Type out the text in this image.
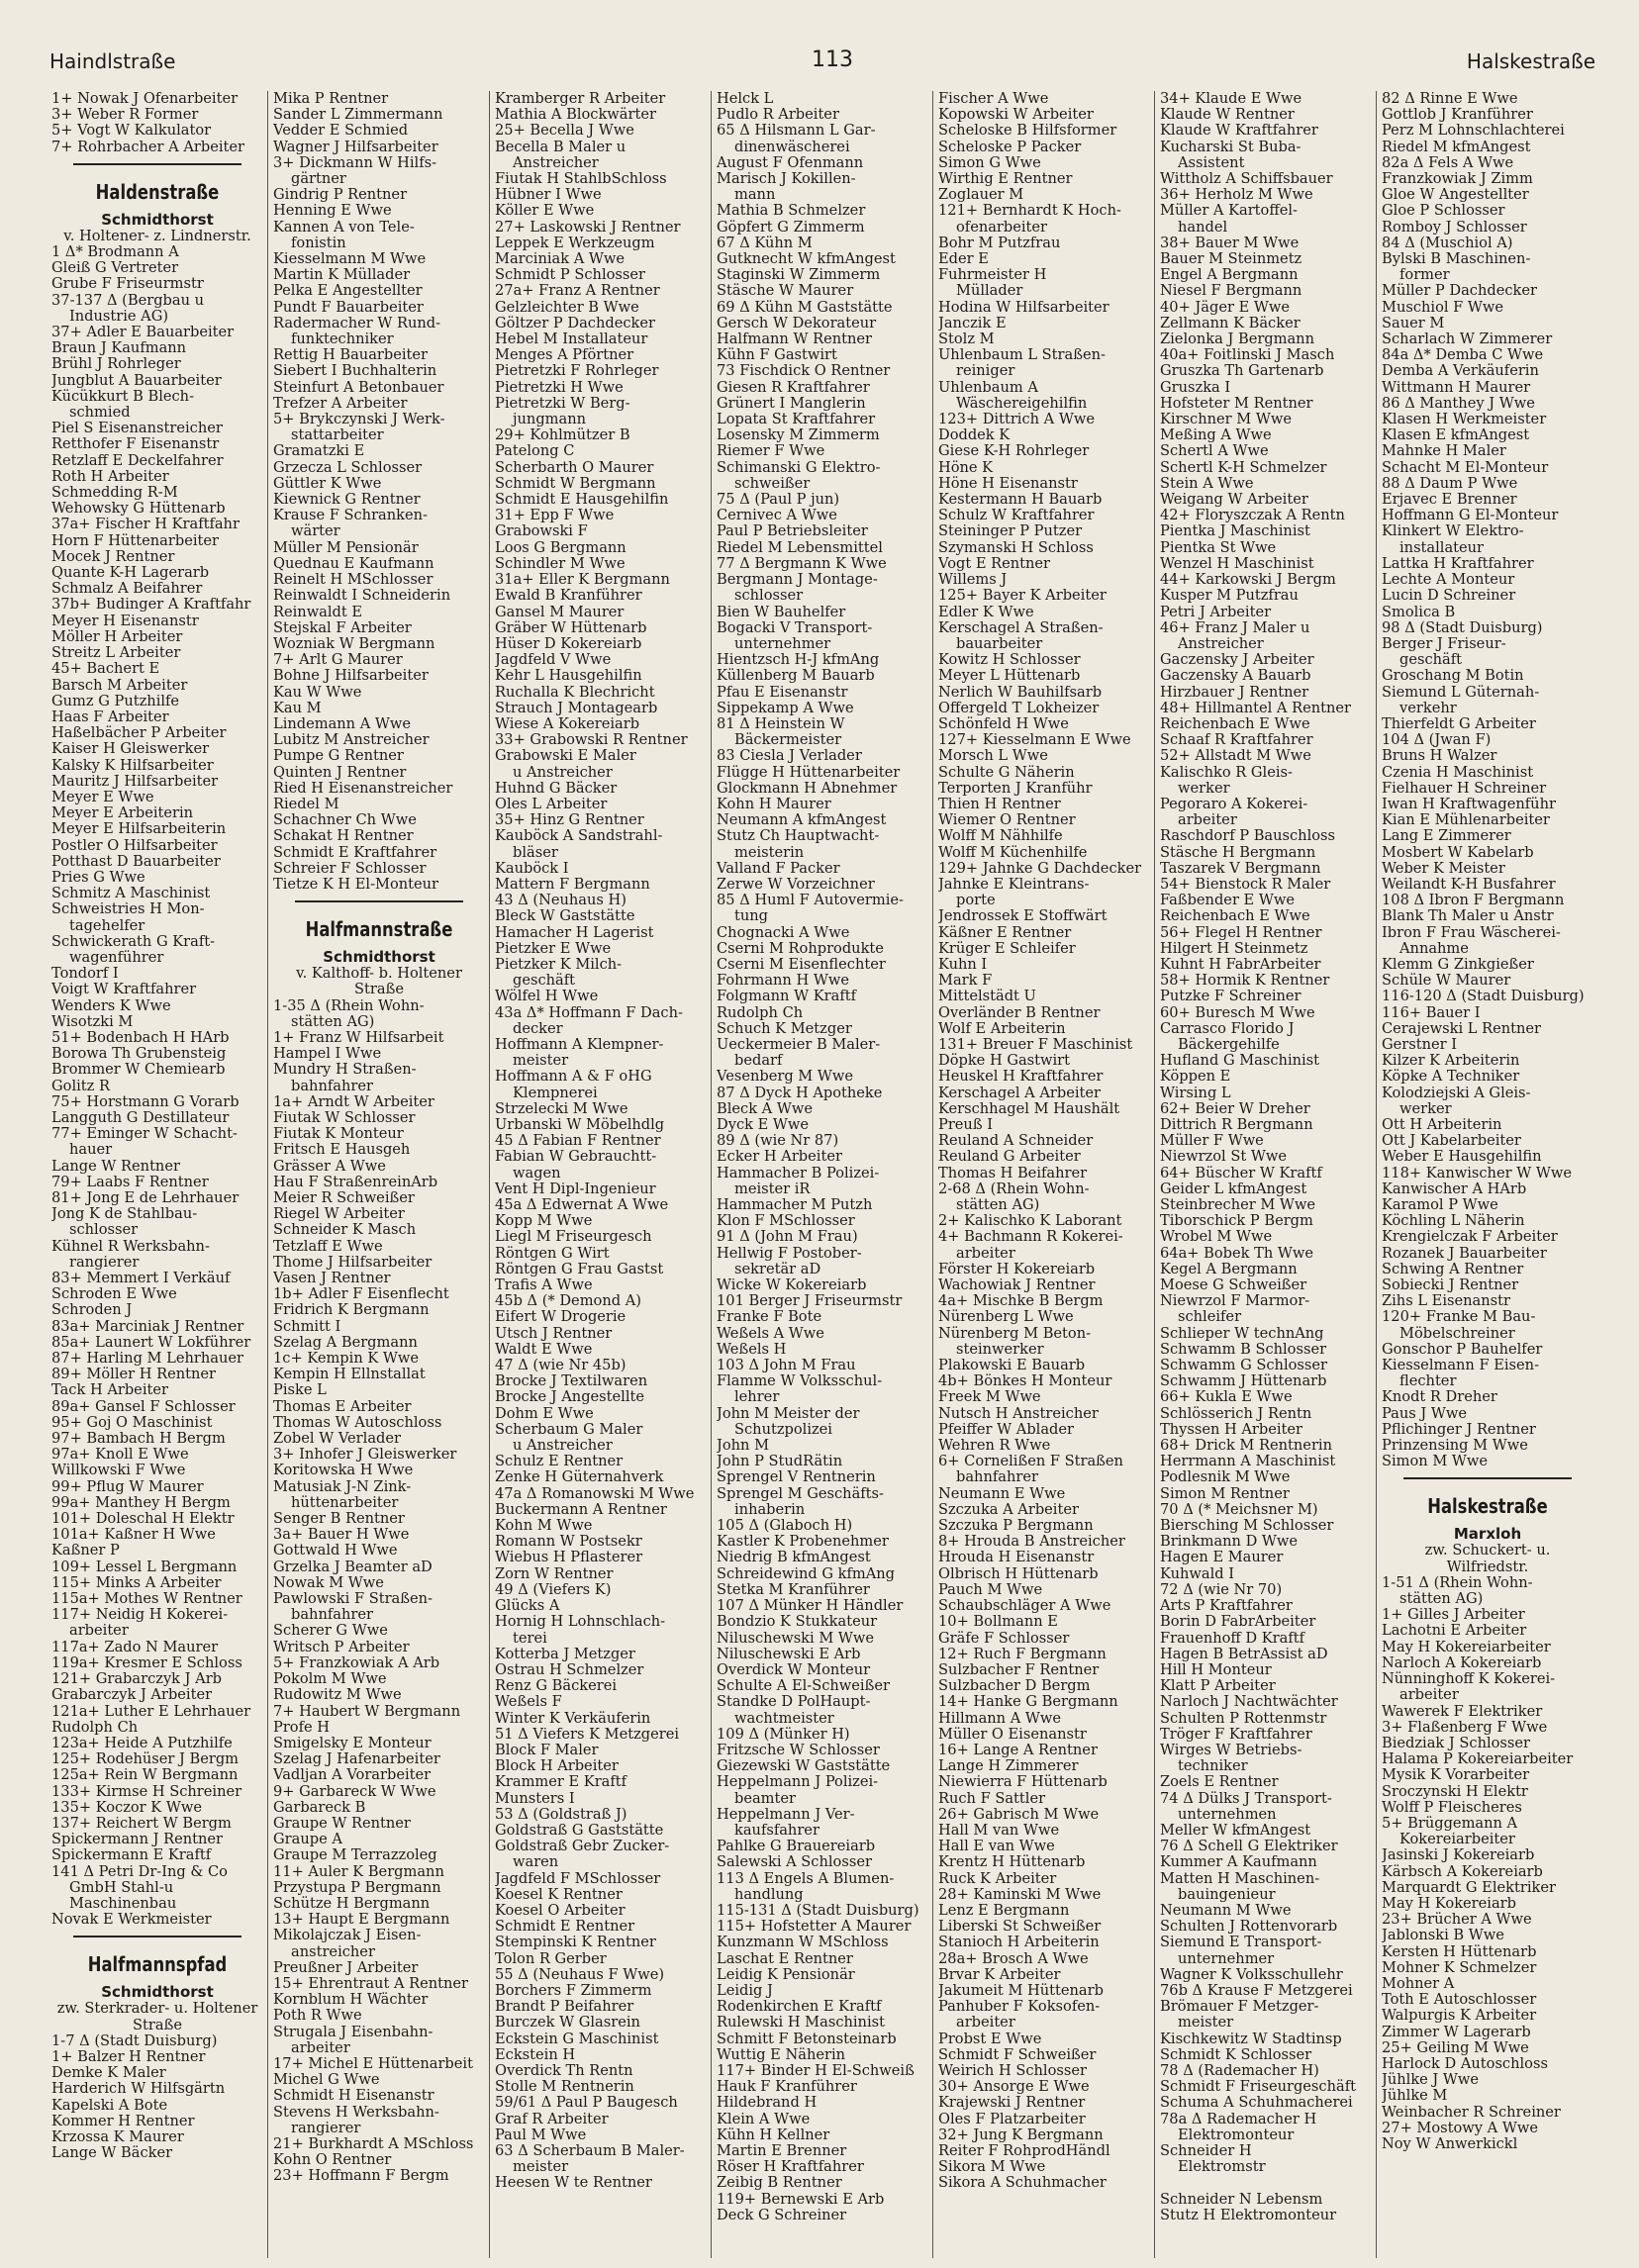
Haindlstraße	113	Halskestraße
1+ Nowak J Ofenarbeiter
3+ Weber R Former
5+ Vogt W Kalkulator
7+ Rohrbacher A Arbeiter
Haldenstraße
Schmidthorst
v. Holtener- z. Lindnerstr.
1 Δ* Brodmann A
Gleiß G Vertreter
Grube F Friseurmstr
37-137 Δ (Bergbau u
Industrie AG)
37+ Adler E Bauarbeiter
Braun J Kaufmann
Brühl J Rohrleger
Jungblut A Bauarbeiter
Kücükkurt B Blech-
schmied
Piel S Eisenanstreicher
Retthofer F Eisenanstr
Retzlaff E Deckelfahrer
Roth H Arbeiter
Schmedding R-M
Wehowsky G Hüttenarb
37a+ Fischer H Kraftfahr
Horn F Hüttenarbeiter
Mocek J Rentner
Quante K-H Lagerarb
Schmalz A Beifahrer
37b+ Budinger A Kraftfahr
Meyer H Eisenanstr
Möller H Arbeiter
Streitz L Arbeiter
45+ Bachert E
Barsch M Arbeiter
Gumz G Putzhilfe
Haas F Arbeiter
Haßelbächer P Arbeiter
Kaiser H Gleiswerker
Kalsky K Hilfsarbeiter
Mauritz J Hilfsarbeiter
Meyer E Wwe
Meyer E Arbeiterin
Meyer E Hilfsarbeiterin
Postler O Hilfsarbeiter
Potthast D Bauarbeiter
Pries G Wwe
Schmitz A Maschinist
Schweistries H Mon-
tagehelfer
Schwickerath G Kraft-
wagenführer
Tondorf I
Voigt W Kraftfahrer
Wenders K Wwe
Wisotzki M
51+ Bodenbach H HArb
Borowa Th Grubensteig
Brommer W Chemiearb
Golitz R
75+ Horstmann G Vorarb
Langguth G Destillateur
77+ Eminger W Schacht-
hauer
Lange W Rentner
79+ Laabs F Rentner
81+ Jong E de Lehrhauer
Jong K de Stahlbau-
schlosser
Kühnel R Werksbahn-
rangierer
83+ Memmert I Verkäuf
Schroden E Wwe
Schroden J
83a+ Marciniak J Rentner
85a+ Launert W Lokführer
87+ Harling M Lehrhauer
89+ Möller H Rentner
Tack H Arbeiter
89a+ Gansel F Schlosser
95+ Goj O Maschinist
97+ Bambach H Bergm
97a+ Knoll E Wwe
Willkowski F Wwe
99+ Pflug W Maurer
99a+ Manthey H Bergm
101+ Doleschal H Elektr
101a+ Kaßner H Wwe
Kaßner P
109+ Lessel L Bergmann
115+ Minks A Arbeiter
115a+ Mothes W Rentner
117+ Neidig H Kokerei-
arbeiter
117a+ Zado N Maurer
119a+ Kresmer E Schloss
121+ Grabarczyk J Arb
Grabarczyk J Arbeiter
121a+ Luther E Lehrhauer
Rudolph Ch
123a+ Heide A Putzhilfe
125+ Rodehüser J Bergm
125a+ Rein W Bergmann
133+ Kirmse H Schreiner
135+ Koczor K Wwe
137+ Reichert W Bergm
Spickermann J Rentner
Spickermann E Kraftf
141 Δ Petri Dr-Ing & Co
GmbH Stahl-u
Maschinenbau
Novak E Werkmeister
Halfmannspfad
Schmidthorst
zw. Sterkrader- u. Holtener
Straße
1-7 Δ (Stadt Duisburg)
1+ Balzer H Rentner
Demke K Maler
Harderich W Hilfsgärtn
Kapelski A Bote
Kommer H Rentner
Krzossa K Maurer
Lange W Bäcker
Mika P Rentner
Sander L Zimmermann
Vedder E Schmied
Wagner J Hilfsarbeiter
3+ Dickmann W Hilfs-
gärtner
Gindrig P Rentner
Henning E Wwe
Kannen A von Tele-
fonistin
Kiesselmann M Wwe
Martin K Müllader
Pelka E Angestellter
Pundt F Bauarbeiter
Radermacher W Rund-
funktechniker
Rettig H Bauarbeiter
Siebert I Buchhalterin
Steinfurt A Betonbauer
Trefzer A Arbeiter
5+ Brykczynski J Werk-
stattarbeiter
Gramatzki E
Grzecza L Schlosser
Güttler K Wwe
Kiewnick G Rentner
Krause F Schranken-
wärter
Müller M Pensionär
Quednau E Kaufmann
Reinelt H MSchlosser
Reinwaldt I Schneiderin
Reinwaldt E
Stejskal F Arbeiter
Wozniak W Bergmann
7+ Arlt G Maurer
Bohne J Hilfsarbeiter
Kau W Wwe
Kau M
Lindemann A Wwe
Lubitz M Anstreicher
Pumpe G Rentner
Quinten J Rentner
Ried H Eisenanstreicher
Riedel M
Schachner Ch Wwe
Schakat H Rentner
Schmidt E Kraftfahrer
Schreier F Schlosser
Tietze K H El-Monteur
Halfmannstraße
Schmidthorst
v. Kalthoff- b. Holtener
Straße
1-35 Δ (Rhein Wohn-
stätten AG)
1+ Franz W Hilfsarbeit
Hampel I Wwe
Mundry H Straßen-
bahnfahrer
1a+ Arndt W Arbeiter
Fiutak W Schlosser
Fiutak K Monteur
Fritsch E Hausgeh
Grässer A Wwe
Hau F StraßenreinArb
Meier R Schweißer
Riegel W Arbeiter
Schneider K Masch
Tetzlaff E Wwe
Thome J Hilfsarbeiter
Vasen J Rentner
1b+ Adler F Eisenflecht
Fridrich K Bergmann
Schmitt I
Szelag A Bergmann
1c+ Kempin K Wwe
Kempin H Ellnstallat
Piske L
Thomas E Arbeiter
Thomas W Autoschloss
Zobel W Verlader
3+ Inhofer J Gleiswerker
Koritowska H Wwe
Matusiak J-N Zink-
hüttenarbeiter
Senger B Rentner
3a+ Bauer H Wwe
Gottwald H Wwe
Grzelka J Beamter aD
Nowak M Wwe
Pawlowski F Straßen-
bahnfahrer
Scherer G Wwe
Writsch P Arbeiter
5+ Franzkowiak A Arb
Pokolm M Wwe
Rudowitz M Wwe
7+ Haubert W Bergmann
Profe H
Smigelsky E Monteur
Szelag J Hafenarbeiter
Vadljan A Vorarbeiter
9+ Garbareck W Wwe
Garbareck B
Graupe W Rentner
Graupe A
Graupe M Terrazzoleg
11+ Auler K Bergmann
Przystupa P Bergmann
Schütze H Bergmann
13+ Haupt E Bergmann
Mikolajczak J Eisen-
anstreicher
Preußner J Arbeiter
15+ Ehrentraut A Rentner
Kornblum H Wächter
Poth R Wwe
Strugala J Eisenbahn-
arbeiter
17+ Michel E Hüttenarbeit
Michel G Wwe
Schmidt H Eisenanstr
Stevens H Werksbahn-
rangierer
21+ Burkhardt A MSchloss
Kohn O Rentner
23+ Hoffmann F Bergm
Kramberger R Arbeiter
Mathia A Blockwärter
25+ Becella J Wwe
Becella B Maler u
Anstreicher
Fiutak H StahlbSchloss
Hübner I Wwe
Köller E Wwe
27+ Laskowski J Rentner
Leppek E Werkzeugm
Marciniak A Wwe
Schmidt P Schlosser
27a+ Franz A Rentner
Gelzleichter B Wwe
Göltzer P Dachdecker
Hebel M Installateur
Menges A Pförtner
Pietretzki F Rohrleger
Pietretzki H Wwe
Pietretzki W Berg-
jungmann
29+ Kohlmützer B
Patelong C
Scherbarth O Maurer
Schmidt W Bergmann
Schmidt E Hausgehilfin
31+ Epp F Wwe
Grabowski F
Loos G Bergmann
Schindler M Wwe
31a+ Eller K Bergmann
Ewald B Kranführer
Gansel M Maurer
Gräber W Hüttenarb
Hüser D Kokereiarb
Jagdfeld V Wwe
Kehr L Hausgehilfin
Ruchalla K Blechricht
Strauch J Montagearb
Wiese A Kokereiarb
33+ Grabowski R Rentner
Grabowski E Maler
u Anstreicher
Huhnd G Bäcker
Oles L Arbeiter
35+ Hinz G Rentner
Kauböck A Sandstrahl-
bläser
Kauböck I
Mattern F Bergmann
43 Δ (Neuhaus H)
Bleck W Gaststätte
Hamacher H Lagerist
Pietzker E Wwe
Pietzker K Milch-
geschäft
Wölfel H Wwe
43a Δ* Hoffmann F Dach-
decker
Hoffmann A Klempner-
meister
Hoffmann A & F oHG
Klempnerei
Strzelecki M Wwe
Urbanski W Möbelhdlg
45 Δ Fabian F Rentner
Fabian W Gebrauchtt-
wagen
Vent H Dipl-Ingenieur
45a Δ Edwernat A Wwe
Kopp M Wwe
Liegl M Friseurgesch
Röntgen G Wirt
Röntgen G Frau Gastst
Trafis A Wwe
45b Δ (* Demond A)
Eifert W Drogerie
Utsch J Rentner
Waldt E Wwe
47 Δ (wie Nr 45b)
Brocke J Textilwaren
Brocke J Angestellte
Dohm E Wwe
Scherbaum G Maler
u Anstreicher
Schulz E Rentner
Zenke H Güternahverk
47a Δ Romanowski M Wwe
Buckermann A Rentner
Kohn M Wwe
Romann W Postsekr
Wiebus H Pflasterer
Zorn W Rentner
49 Δ (Viefers K)
Glücks A
Hornig H Lohnschlach-
terei
Kotterba J Metzger
Ostrau H Schmelzer
Renz G Bäckerei
Weßels F
Winter K Verkäuferin
51 Δ Viefers K Metzgerei
Block F Maler
Block H Arbeiter
Krammer E Kraftf
Munsters I
53 Δ (Goldstraß J)
Goldstraß G Gaststätte
Goldstraß Gebr Zucker-
waren
Jagdfeld F MSchlosser
Koesel K Rentner
Koesel O Arbeiter
Schmidt E Rentner
Stempinski K Rentner
Tolon R Gerber
55 Δ (Neuhaus F Wwe)
Borchers F Zimmerm
Brandt P Beifahrer
Burczek W Glasrein
Eckstein G Maschinist
Eckstein H
Overdick Th Rentn
Stolle M Rentnerin
59/61 Δ Paul P Baugesch
Graf R Arbeiter
Paul M Wwe
63 Δ Scherbaum B Maler-
meister
Heesen W te Rentner
Helck L
Pudlo R Arbeiter
65 Δ Hilsmann L Gar-
dinenwäscherei
August F Ofenmann
Marisch J Kokillen-
mann
Mathia B Schmelzer
Göpfert G Zimmerm
67 Δ Kühn M
Gutknecht W kfmAngest
Staginski W Zimmerm
Stäsche W Maurer
69 Δ Kühn M Gaststätte
Gersch W Dekorateur
Halfmann W Rentner
Kühn F Gastwirt
73 Fischdick O Rentner
Giesen R Kraftfahrer
Grünert I Manglerin
Lopata St Kraftfahrer
Losensky M Zimmerm
Riemer F Wwe
Schimanski G Elektro-
schweißer
75 Δ (Paul P jun)
Cernivec A Wwe
Paul P Betriebsleiter
Riedel M Lebensmittel
77 Δ Bergmann K Wwe
Bergmann J Montage-
schlosser
Bien W Bauhelfer
Bogacki V Transport-
unternehmer
Hientzsch H-J kfmAng
Küllenberg M Bauarb
Pfau E Eisenanstr
Sippekamp A Wwe
81 Δ Heinstein W
Bäckermeister
83 Ciesla J Verlader
Flügge H Hüttenarbeiter
Glockmann H Abnehmer
Kohn H Maurer
Neumann A kfmAngest
Stutz Ch Hauptwacht-
meisterin
Valland F Packer
Zerwe W Vorzeichner
85 Δ Huml F Autovermie-
tung
Chognacki A Wwe
Cserni M Rohprodukte
Cserni M Eisenflechter
Fohrmann H Wwe
Folgmann W Kraftf
Rudolph Ch
Schuch K Metzger
Ueckermeier B Maler-
bedarf
Vesenberg M Wwe
87 Δ Dyck H Apotheke
Bleck A Wwe
Dyck E Wwe
89 Δ (wie Nr 87)
Ecker H Arbeiter
Hammacher B Polizei-
meister iR
Hammacher M Putzh
Klon F MSchlosser
91 Δ (John M Frau)
Hellwig F Postober-
sekretär aD
Wicke W Kokereiarb
101 Berger J Friseurmstr
Franke F Bote
Weßels A Wwe
Weßels H
103 Δ John M Frau
Flamme W Volksschul-
lehrer
John M Meister der
Schutzpolizei
John M
John P StudRätin
Sprengel V Rentnerin
Sprengel M Geschäfts-
inhaberin
105 Δ (Glaboch H)
Kastler K Probenehmer
Niedrig B kfmAngest
Schreidewind G kfmAng
Stetka M Kranführer
107 Δ Münker H Händler
Bondzio K Stukkateur
Niluschewski M Wwe
Niluschewski E Arb
Overdick W Monteur
Schulte A El-Schweißer
Standke D PolHaupt-
wachtmeister
109 Δ (Münker H)
Fritzsche W Schlosser
Giezewski W Gaststätte
Heppelmann J Polizei-
beamter
Heppelmann J Ver-
kaufsfahrer
Pahlke G Brauereiarb
Salewski A Schlosser
113 Δ Engels A Blumen-
handlung
115-131 Δ (Stadt Duisburg)
115+ Hofstetter A Maurer
Kunzmann W MSchloss
Laschat E Rentner
Leidig K Pensionär
Leidig J
Rodenkirchen E Kraftf
Rulewski H Maschinist
Schmitt F Betonsteinarb
Wuttig E Näherin
117+ Binder H El-Schweiß
Hauk F Kranführer
Hildebrand H
Klein A Wwe
Kühn H Kellner
Martin E Brenner
Röser H Kraftfahrer
Zeibig B Rentner
119+ Bernewski E Arb
Deck G Schreiner
Fischer A Wwe
Kopowski W Arbeiter
Scheloske B Hilfsformer
Scheloske P Packer
Simon G Wwe
Wirthig E Rentner
Zoglauer M
121+ Bernhardt K Hoch-
ofenarbeiter
Bohr M Putzfrau
Eder E
Fuhrmeister H
Müllader
Hodina W Hilfsarbeiter
Janczik E
Stolz M
Uhlenbaum L Straßen-
reiniger
Uhlenbaum A
Wäschereigehilfin
123+ Dittrich A Wwe
Doddek K
Giese K-H Rohrleger
Höne K
Höne H Eisenanstr
Kestermann H Bauarb
Schulz W Kraftfahrer
Steininger P Putzer
Szymanski H Schloss
Vogt E Rentner
Willems J
125+ Bayer K Arbeiter
Edler K Wwe
Kerschagel A Straßen-
bauarbeiter
Kowitz H Schlosser
Meyer L Hüttenarb
Nerlich W Bauhilfsarb
Offergeld T Lokheizer
Schönfeld H Wwe
127+ Kiesselmann E Wwe
Morsch L Wwe
Schulte G Näherin
Terporten J Kranführ
Thien H Rentner
Wiemer O Rentner
Wolff M Nähhilfe
Wolff M Küchenhilfe
129+ Jahnke G Dachdecker
Jahnke E Kleintrans-
porte
Jendrossek E Stoffwärt
Käßner E Rentner
Krüger E Schleifer
Kuhn I
Mark F
Mittelstädt U
Overländer B Rentner
Wolf E Arbeiterin
131+ Breuer F Maschinist
Döpke H Gastwirt
Heuskel H Kraftfahrer
Kerschagel A Arbeiter
Kerschhagel M Haushält
Preuß I
Reuland A Schneider
Reuland G Arbeiter
Thomas H Beifahrer
2-68 Δ (Rhein Wohn-
stätten AG)
2+ Kalischko K Laborant
4+ Bachmann R Kokerei-
arbeiter
Förster H Kokereiarb
Wachowiak J Rentner
4a+ Mischke B Bergm
Nürenberg L Wwe
Nürenberg M Beton-
steinwerker
Plakowski E Bauarb
4b+ Bönkes H Monteur
Freek M Wwe
Nutsch H Anstreicher
Pfeiffer W Ablader
Wehren R Wwe
6+ Cornelißen F Straßen
bahnfahrer
Neumann E Wwe
Szczuka A Arbeiter
Szczuka P Bergmann
8+ Hrouda B Anstreicher
Hrouda H Eisenanstr
Olbrisch H Hüttenarb
Pauch M Wwe
Schaubschläger A Wwe
10+ Bollmann E
Gräfe F Schlosser
12+ Ruch F Bergmann
Sulzbacher F Rentner
Sulzbacher D Bergm
14+ Hanke G Bergmann
Hillmann A Wwe
Müller O Eisenanstr
16+ Lange A Rentner
Lange H Zimmerer
Niewierra F Hüttenarb
Ruch F Sattler
26+ Gabrisch M Wwe
Hall M van Wwe
Hall E van Wwe
Krentz H Hüttenarb
Ruck K Arbeiter
28+ Kaminski M Wwe
Lenz E Bergmann
Liberski St Schweißer
Stanioch H Arbeiterin
28a+ Brosch A Wwe
Brvar K Arbeiter
Jakumeit M Hüttenarb
Panhuber F Koksofen-
arbeiter
Probst E Wwe
Schmidt F Schweißer
Weirich H Schlosser
30+ Ansorge E Wwe
Krajewski J Rentner
Oles F Platzarbeiter
32+ Jung K Bergmann
Reiter F RohprodHändl
Sikora M Wwe
Sikora A Schuhmacher
34+ Klaude E Wwe
Klaude W Rentner
Klaude W Kraftfahrer
Kucharski St Buba-
Assistent
Wittholz A Schiffsbauer
36+ Herholz M Wwe
Müller A Kartoffel-
handel
38+ Bauer M Wwe
Bauer M Steinmetz
Engel A Bergmann
Niesel F Bergmann
40+ Jäger E Wwe
Zellmann K Bäcker
Zielonka J Bergmann
40a+ Foitlinski J Masch
Gruszka Th Gartenarb
Gruszka I
Hofsteter M Rentner
Kirschner M Wwe
Meßing A Wwe
Schertl A Wwe
Schertl K-H Schmelzer
Stein A Wwe
Weigang W Arbeiter
42+ Floryszczak A Rentn
Pientka J Maschinist
Pientka St Wwe
Wenzel H Maschinist
44+ Karkowski J Bergm
Kusper M Putzfrau
Petri J Arbeiter
46+ Franz J Maler u
Anstreicher
Gaczensky J Arbeiter
Gaczensky A Bauarb
Hirzbauer J Rentner
48+ Hillmantel A Rentner
Reichenbach E Wwe
Schaaf R Kraftfahrer
52+ Allstadt M Wwe
Kalischko R Gleis-
werker
Pegoraro A Kokerei-
arbeiter
Raschdorf P Bauschloss
Stäsche H Bergmann
Taszarek V Bergmann
54+ Bienstock R Maler
Faßbender E Wwe
Reichenbach E Wwe
56+ Flegel H Rentner
Hilgert H Steinmetz
Kuhnt H FabrArbeiter
58+ Hormik K Rentner
Putzke F Schreiner
60+ Buresch M Wwe
Carrasco Florido J
Bäckergehilfe
Hufland G Maschinist
Köppen E
Wirsing L
62+ Beier W Dreher
Dittrich R Bergmann
Müller F Wwe
Niewrzol St Wwe
64+ Büscher W Kraftf
Geider L kfmAngest
Steinbrecher M Wwe
Tiborschick P Bergm
Wrobel M Wwe
64a+ Bobek Th Wwe
Kegel A Bergmann
Moese G Schweißer
Niewrzol F Marmor-
schleifer
Schlieper W technAng
Schwamm B Schlosser
Schwamm G Schlosser
Schwamm J Hüttenarb
66+ Kukla E Wwe
Schlösserich J Rentn
Thyssen H Arbeiter
68+ Drick M Rentnerin
Herrmann A Maschinist
Podlesnik M Wwe
Simon M Rentner
70 Δ (* Meichsner M)
Biersching M Schlosser
Brinkmann D Wwe
Hagen E Maurer
Kuhwald I
72 Δ (wie Nr 70)
Arts P Kraftfahrer
Borin D FabrArbeiter
Frauenhoff D Kraftf
Hagen B BetrAssist aD
Hill H Monteur
Klatt P Arbeiter
Narloch J Nachtwächter
Schulten P Rottenmstr
Tröger F Kraftfahrer
Wirges W Betriebs-
techniker
Zoels E Rentner
74 Δ Dülks J Transport-
unternehmen
Meller W kfmAngest
76 Δ Schell G Elektriker
Kummer A Kaufmann
Matten H Maschinen-
bauingenieur
Neumann M Wwe
Schulten J Rottenvorarb
Siemund E Transport-
unternehmer
Wagner K Volksschullehr
76b Δ Krause F Metzgerei
Brömauer F Metzger-
meister
Kischkewitz W Stadtinsp
Schmidt K Schlosser
78 Δ (Rademacher H)
Schmidt F Friseurgeschäft
Schuma A Schuhmacherei
78a Δ Rademacher H
Elektromonteur
Schneider H
Elektromstr

Schneider N Lebensm
Stutz H Elektromonteur
82 Δ Rinne E Wwe
Gottlob J Kranführer
Perz M Lohnschlachterei
Riedel M kfmAngest
82a Δ Fels A Wwe
Franzkowiak J Zimm
Gloe W Angestellter
Gloe P Schlosser
Romboy J Schlosser
84 Δ (Muschiol A)
Bylski B Maschinen-
former
Müller P Dachdecker
Muschiol F Wwe
Sauer M
Scharlach W Zimmerer
84a Δ* Demba C Wwe
Demba A Verkäuferin
Wittmann H Maurer
86 Δ Manthey J Wwe
Klasen H Werkmeister
Klasen E kfmAngest
Mahnke H Maler
Schacht M El-Monteur
88 Δ Daum P Wwe
Erjavec E Brenner
Hoffmann G El-Monteur
Klinkert W Elektro-
installateur
Lattka H Kraftfahrer
Lechte A Monteur
Lucin D Schreiner
Smolica B
98 Δ (Stadt Duisburg)
Berger J Friseur-
geschäft
Groschang M Botin
Siemund L Güternah-
verkehr
Thierfeldt G Arbeiter
104 Δ (Jwan F)
Bruns H Walzer
Czenia H Maschinist
Fielhauer H Schreiner
Iwan H Kraftwagenführ
Kian E Mühlenarbeiter
Lang E Zimmerer
Mosbert W Kabelarb
Weber K Meister
Weilandt K-H Busfahrer
108 Δ Ibron F Bergmann
Blank Th Maler u Anstr
Ibron F Frau Wäscherei-
Annahme
Klemm G Zinkgießer
Schüle W Maurer
116-120 Δ (Stadt Duisburg)
116+ Bauer I
Cerajewski L Rentner
Gerstner I
Kilzer K Arbeiterin
Köpke A Techniker
Kolodziejski A Gleis-
werker
Ott H Arbeiterin
Ott J Kabelarbeiter
Weber E Hausgehilfin
118+ Kanwischer W Wwe
Kanwischer A HArb
Karamol P Wwe
Köchling L Näherin
Krengielczak F Arbeiter
Rozanek J Bauarbeiter
Schwing A Rentner
Sobiecki J Rentner
Zihs L Eisenanstr
120+ Franke M Bau-
Möbelschreiner
Gonschor P Bauhelfer
Kiesselmann F Eisen-
flechter
Knodt R Dreher
Paus J Wwe
Pflichinger J Rentner
Prinzensing M Wwe
Simon M Wwe
Halskestraße
Marxloh
zw. Schuckert- u.
Wilfriedstr.
1-51 Δ (Rhein Wohn-
stätten AG)
1+ Gilles J Arbeiter
Lachotni E Arbeiter
May H Kokereiarbeiter
Narloch A Kokereiarb
Nünninghoff K Kokerei-
arbeiter
Wawerek F Elektriker
3+ Flaßenberg F Wwe
Biedziak J Schlosser
Halama P Kokereiarbeiter
Mysik K Vorarbeiter
Sroczynski H Elektr
Wolff P Fleischeres
5+ Brüggemann A
Kokereiarbeiter
Jasinski J Kokereiarb
Kärbsch A Kokereiarb
Marquardt G Elektriker
May H Kokereiarb
23+ Brücher A Wwe
Jablonski B Wwe
Kersten H Hüttenarb
Mohner K Schmelzer
Mohner A
Toth E Autoschlosser
Walpurgis K Arbeiter
Zimmer W Lagerarb
25+ Geiling M Wwe
Harlock D Autoschloss
Jühlke J Wwe
Jühlke M
Weinbacher R Schreiner
27+ Mostowy A Wwe
Noy W Anwerkickl
